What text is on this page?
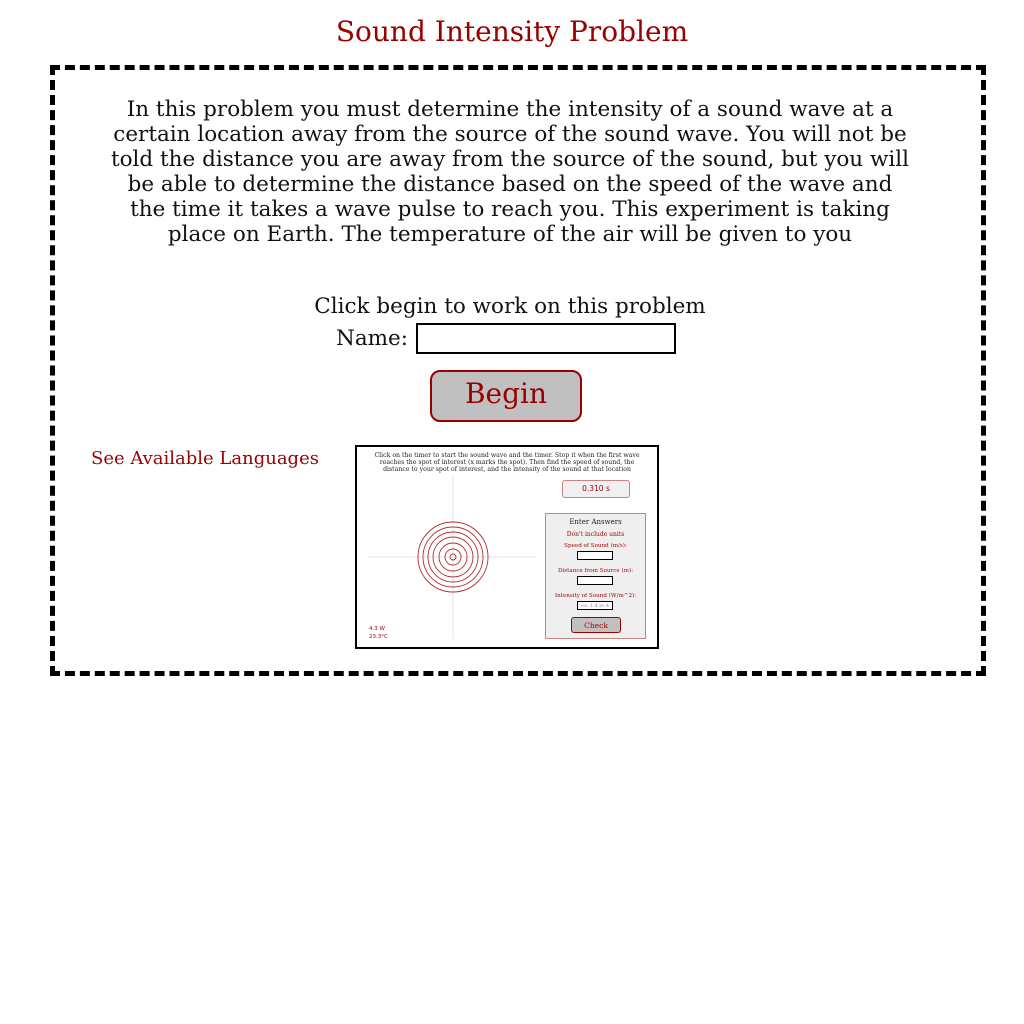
Sound Intensity Problem
In this problem you must determine the intensity of a sound wave at a certain location away from the source of the sound wave. You will not be told the distance you are away from the source of the sound, but you will be able to determine the distance based on the speed of the wave and the time it takes a wave pulse to reach you. This experiment is taking place on Earth. The temperature of the air will be given to you
Click begin to work on this problem
Name:
Begin
See Available Languages	Click on the timer to start the sound wave and the timer. Stop it when the first wave reaches the spot of interest (x marks the spot). Then find the speed of sound, the distance to your spot of interest, and the intensity of the sound at that location
0.310 s
Enter Answers
Don't include units
Speed of Sound (m/s):
Distance from Source (m):
Intensity of Sound (W/m^2):
ex: 1.43e-4
Check
4.3 W
23.3°C
